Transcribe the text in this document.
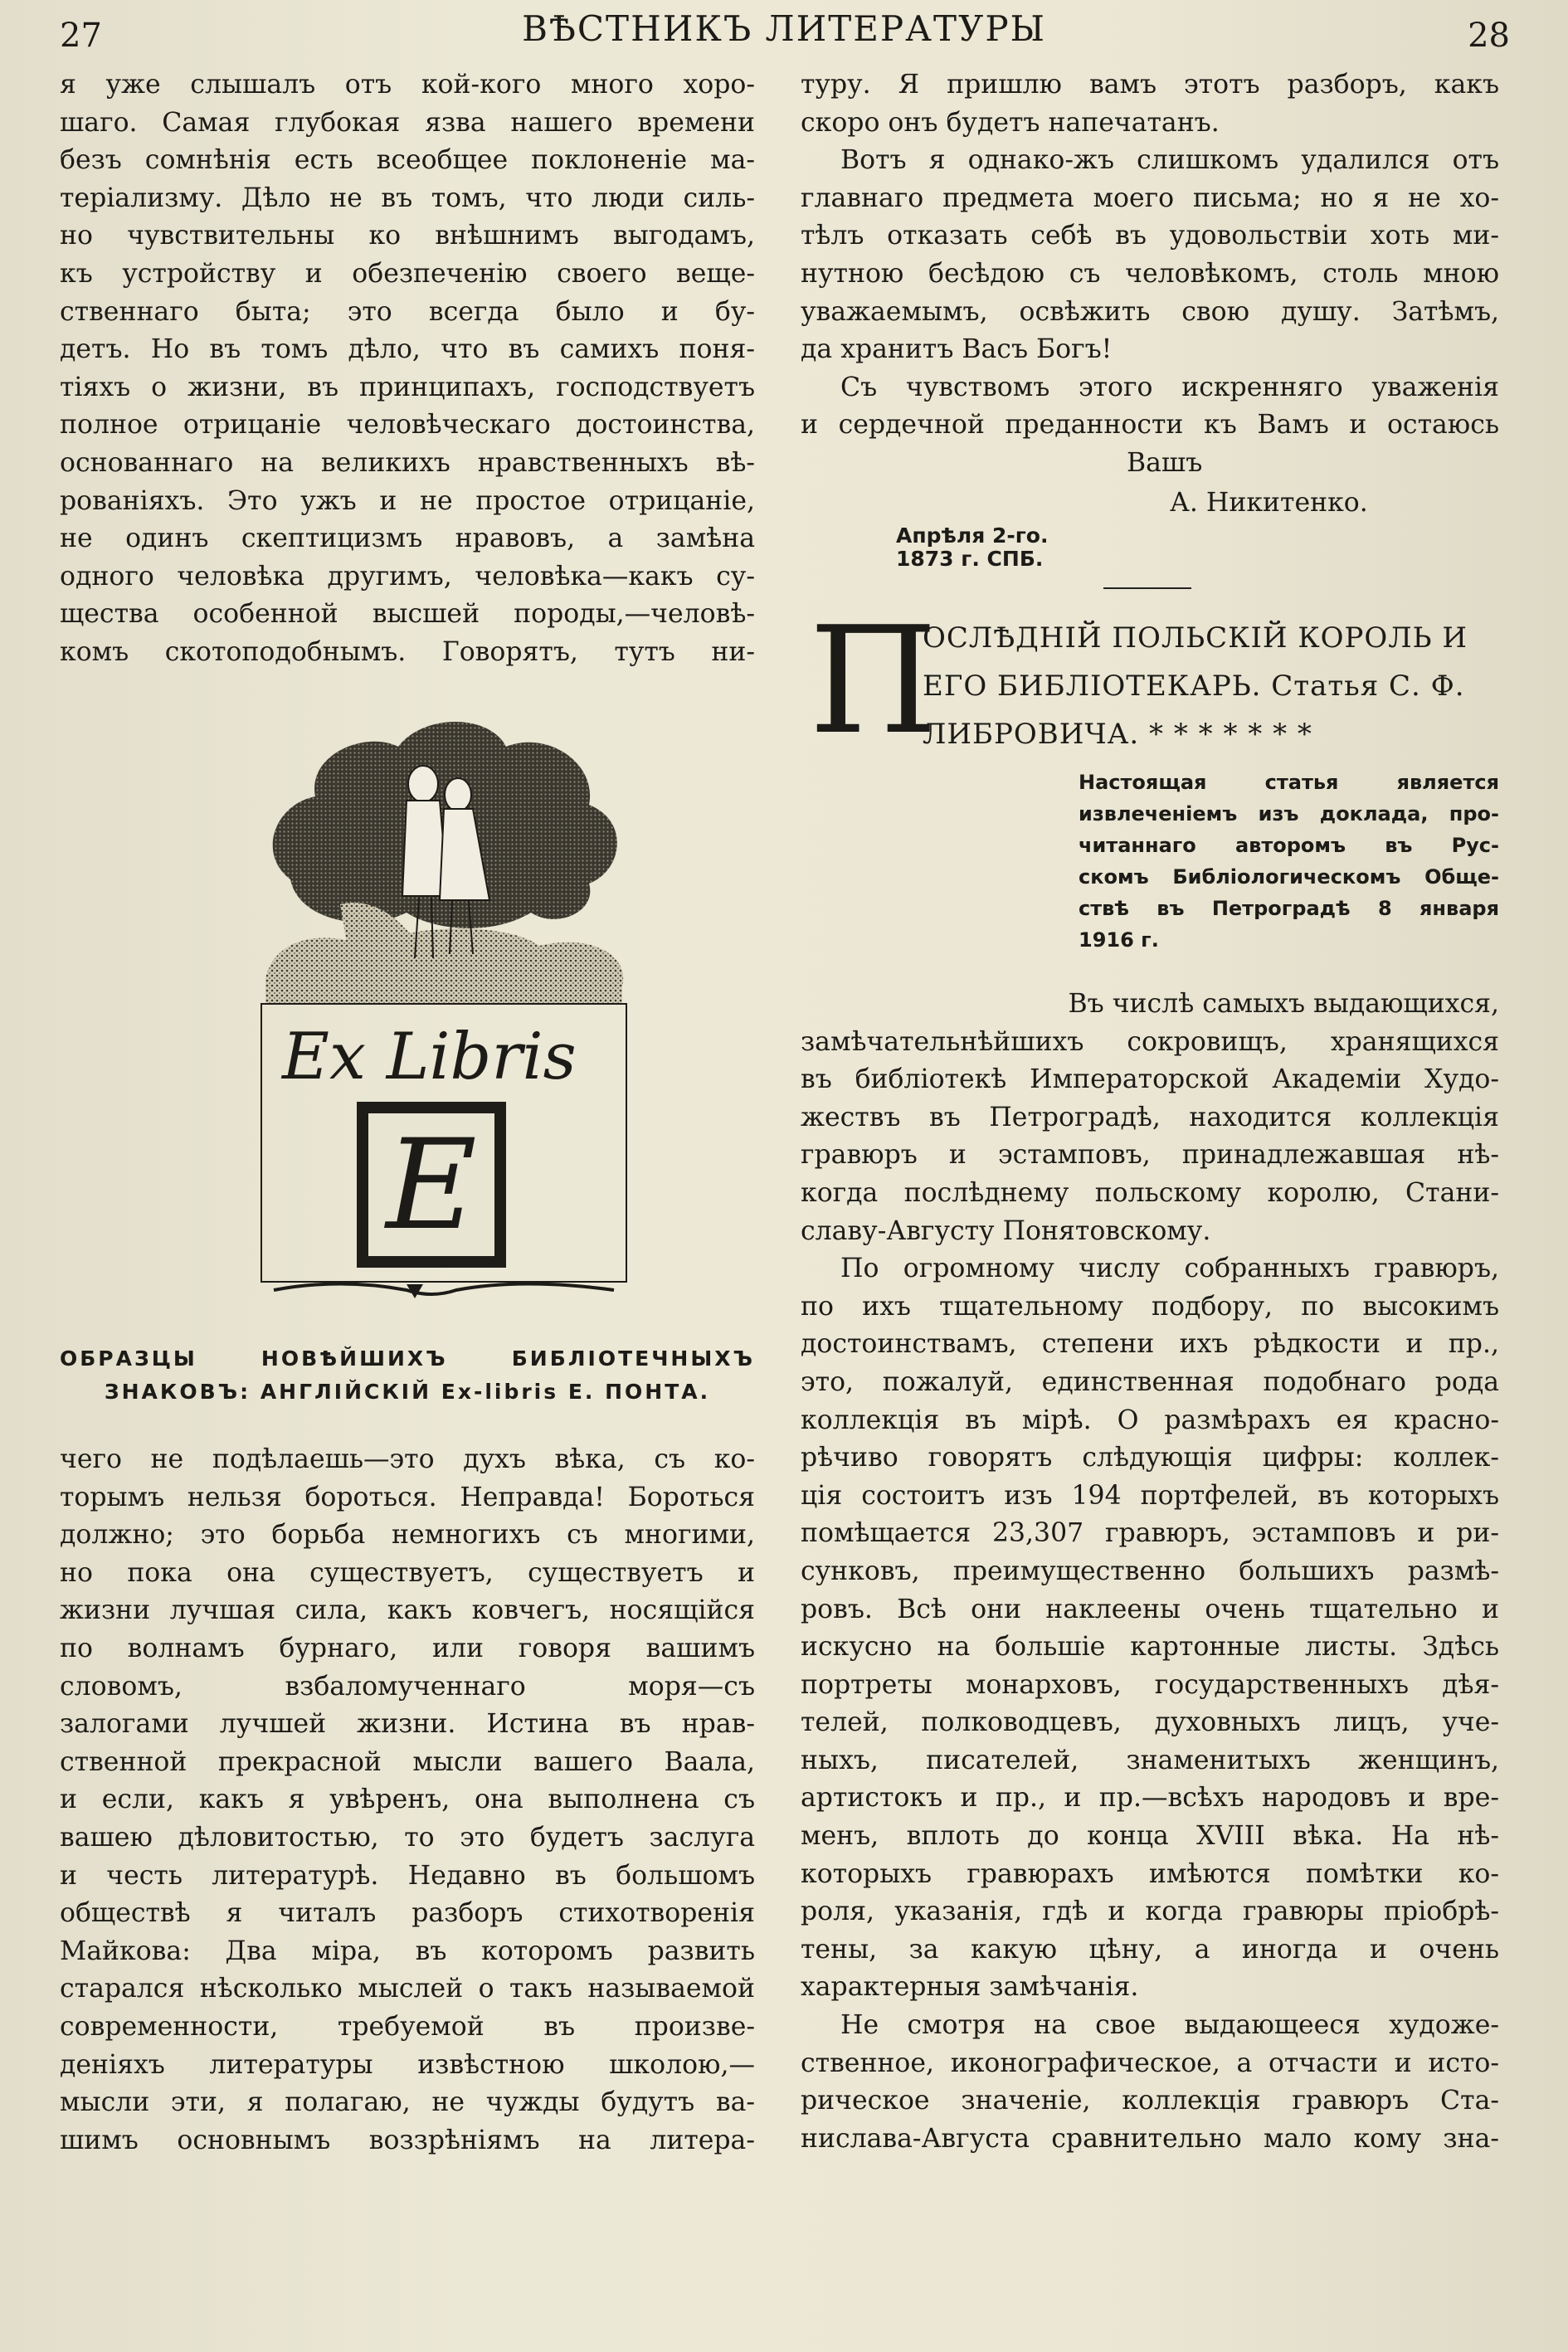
27	ВѢСТНИКЪ ЛИТЕРАТУРЫ	28
я уже слышалъ отъ кой-кого много хоро-
шаго. Самая глубокая язва нашего времени
безъ сомнѣнія есть всеобщее поклоненіе ма-
теріализму. Дѣло не въ томъ, что люди силь-
но чувствительны ко внѣшнимъ выгодамъ,
къ устройству и обезпеченію своего веще-
ственнаго быта; это всегда было и бу-
детъ. Но въ томъ дѣло, что въ самихъ поня-
тіяхъ о жизни, въ принципахъ, господствуетъ
полное отрицаніе человѣческаго достоинства,
основаннаго на великихъ нравственныхъ вѣ-
рованіяхъ. Это ужъ и не простое отрицаніе,
не одинъ скептицизмъ нравовъ, а замѣна
одного человѣка другимъ, человѣка—какъ су-
щества особенной высшей породы,—человѣ-
комъ скотоподобнымъ. Говорятъ, тутъ ни-
Ex Libris
E
ОБРАЗЦЫ НОВѢЙШИХЪ БИБЛІОТЕЧНЫХЪ
ЗНАКОВЪ: АНГЛІЙСКІЙ Ex-libris Е. ПОНТА.
чего не подѣлаешь—это духъ вѣка, съ ко-
торымъ нельзя бороться. Неправда! Бороться
должно; это борьба немногихъ съ многими,
но пока она существуетъ, существуетъ и
жизни лучшая сила, какъ ковчегъ, носящійся
по волнамъ бурнаго, или говоря вашимъ
словомъ, взбаломученнаго моря—съ
залогами лучшей жизни. Истина въ нрав-
ственной прекрасной мысли вашего Ваала,
и если, какъ я увѣренъ, она выполнена съ
вашею дѣловитостью, то это будетъ заслуга
и честь литературѣ. Недавно въ большомъ
обществѣ я читалъ разборъ стихотворенія
Майкова: Два міра, въ которомъ развить
старался нѣсколько мыслей о такъ называемой
современности, требуемой въ произве-
деніяхъ литературы извѣстною школою,—
мысли эти, я полагаю, не чужды будутъ ва-
шимъ основнымъ воззрѣніямъ на литера-
туру. Я пришлю вамъ этотъ разборъ, какъ
скоро онъ будетъ напечатанъ.
Вотъ я однако-жъ слишкомъ удалился отъ
главнаго предмета моего письма; но я не хо-
тѣлъ отказать себѣ въ удовольствіи хоть ми-
нутною бесѣдою съ человѣкомъ, столь мною
уважаемымъ, освѣжить свою душу. Затѣмъ,
да хранитъ Васъ Богъ!
Съ чувствомъ этого искренняго уваженія
и сердечной преданности къ Вамъ и остаюсь
Вашъ
А. Никитенко.
Апрѣля 2-го.
1873 г. СПБ.
П
ОСЛѢДНІЙ ПОЛЬСКІЙ КОРОЛЬ И
ЕГО БИБЛІОТЕКАРЬ. Статья С. Ф.
ЛИБРОВИЧА. * * * * * * *
Настоящая статья является
извлеченіемъ изъ доклада, про-
читаннаго авторомъ въ Рус-
скомъ Библіологическомъ Обще-
ствѣ въ Петроградѣ 8 января
1916 г.
Въ числѣ самыхъ выдающихся,
замѣчательнѣйшихъ сокровищъ, хранящихся
въ библіотекѣ Императорской Академіи Худо-
жествъ въ Петроградѣ, находится коллекція
гравюръ и эстамповъ, принадлежавшая нѣ-
когда послѣднему польскому королю, Стани-
славу-Августу Понятовскому.
По огромному числу собранныхъ гравюръ,
по ихъ тщательному подбору, по высокимъ
достоинствамъ, степени ихъ рѣдкости и пр.,
это, пожалуй, единственная подобнаго рода
коллекція въ мірѣ. О размѣрахъ ея красно-
рѣчиво говорятъ слѣдующія цифры: коллек-
ція состоитъ изъ 194 портфелей, въ которыхъ
помѣщается 23,307 гравюръ, эстамповъ и ри-
сунковъ, преимущественно большихъ размѣ-
ровъ. Всѣ они наклеены очень тщательно и
искусно на большіе картонные листы. Здѣсь
портреты монарховъ, государственныхъ дѣя-
телей, полководцевъ, духовныхъ лицъ, уче-
ныхъ, писателей, знаменитыхъ женщинъ,
артистокъ и пр., и пр.—всѣхъ народовъ и вре-
менъ, вплоть до конца XVIII вѣка. На нѣ-
которыхъ гравюрахъ имѣются помѣтки ко-
роля, указанія, гдѣ и когда гравюры пріобрѣ-
тены, за какую цѣну, а иногда и очень
характерныя замѣчанія.
Не смотря на свое выдающееся художе-
ственное, иконографическое, а отчасти и исто-
рическое значеніе, коллекція гравюръ Ста-
нислава-Августа сравнительно мало кому зна-
